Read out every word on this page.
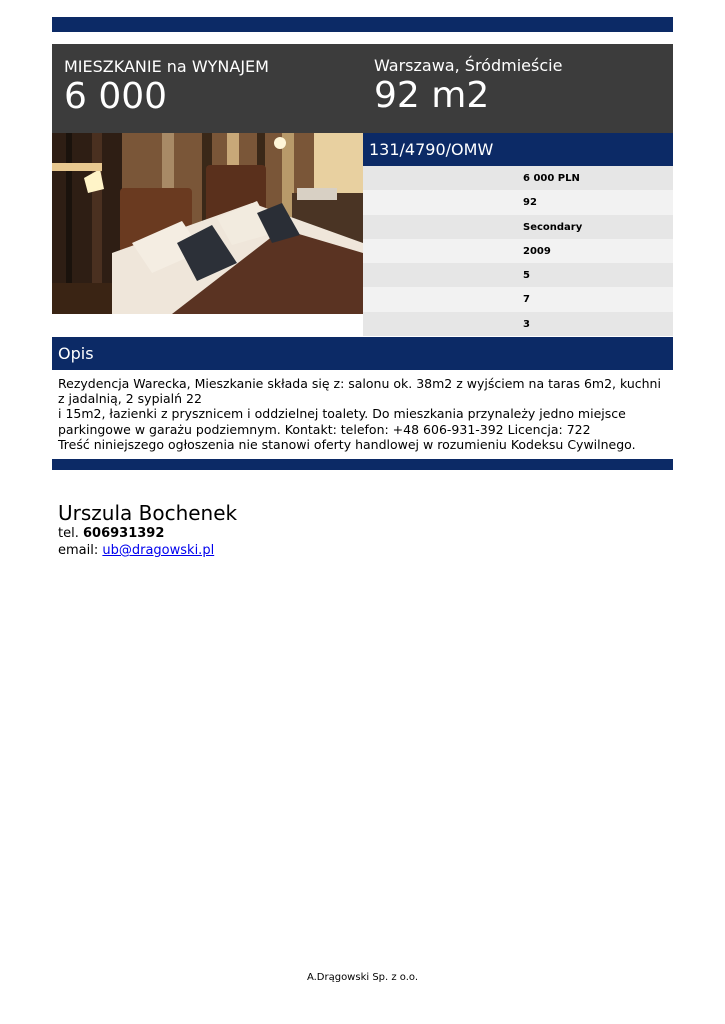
MIESZKANIE na WYNAJEM
6 000
Warszawa, Śródmieście
92 m2
131/4790/OMW
6 000 PLN
92
Secondary
2009
5
7
3
Opis
Rezydencja Warecka, Mieszkanie składa się z: salonu ok. 38m2 z wyjściem na taras 6m2, kuchni z jadalnią, 2 sypialń 22
i 15m2, łazienki z prysznicem i oddzielnej toalety. Do mieszkania przynależy jedno miejsce parkingowe w garażu podziemnym. Kontakt: telefon: +48 606-931-392 Licencja: 722
Treść niniejszego ogłoszenia nie stanowi oferty handlowej w rozumieniu Kodeksu Cywilnego.
Urszula Bochenek
tel. 606931392
email: ub@dragowski.pl
A.Drągowski Sp. z o.o.
